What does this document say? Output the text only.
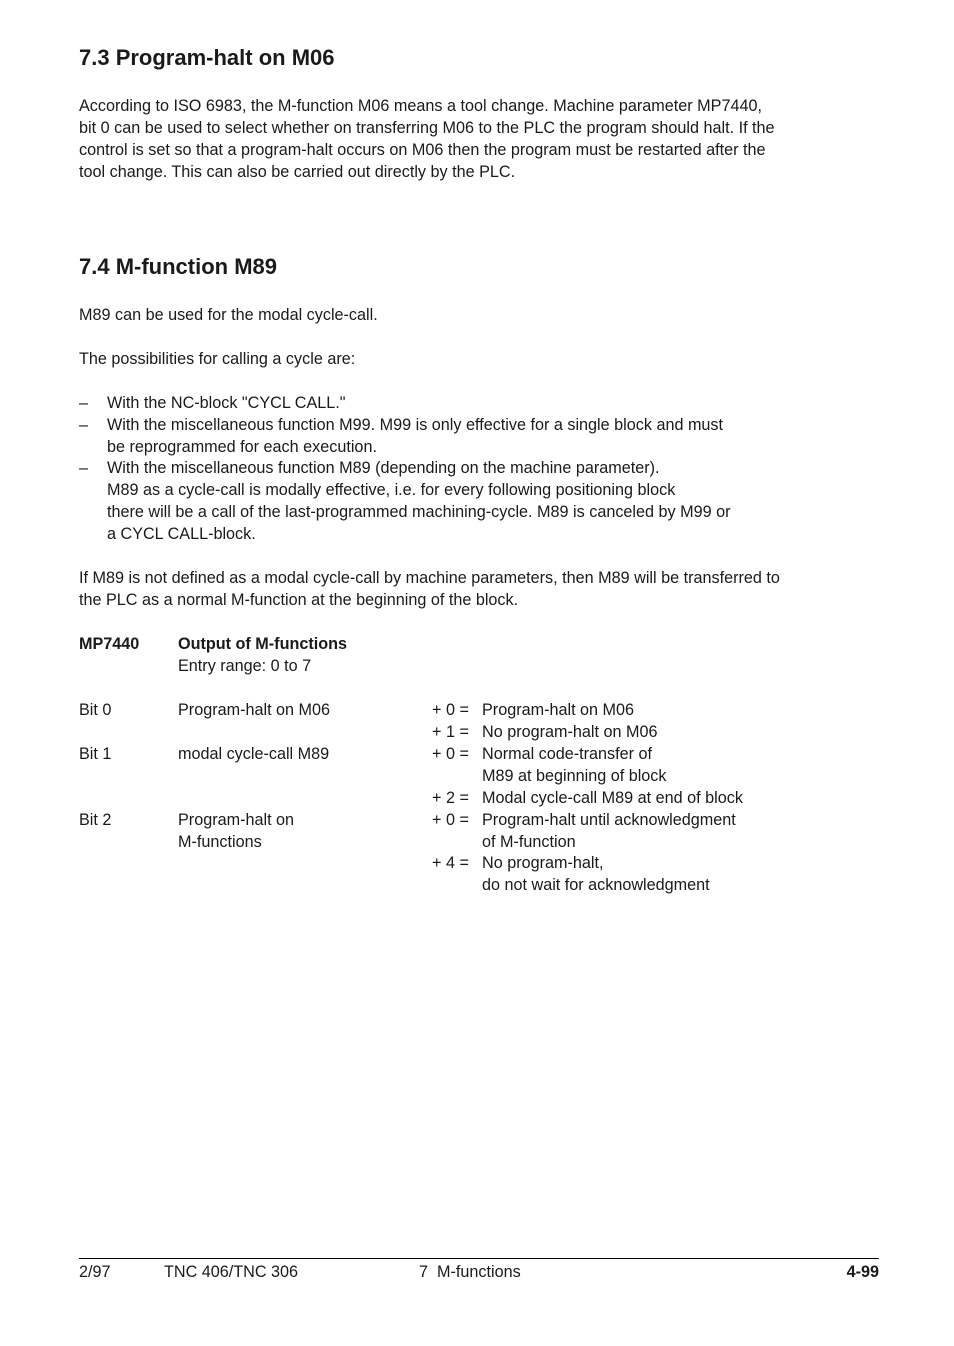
7.3 Program-halt on M06
According to ISO 6983, the M-function M06 means a tool change. Machine parameter MP7440,
bit 0 can be used to select whether on transferring M06 to the PLC the program should halt. If the
control is set so that a program-halt occurs on M06 then the program must be restarted after the
tool change. This can also be carried out directly by the PLC.
7.4 M-function M89
M89 can be used for the modal cycle-call.
The possibilities for calling a cycle are:
– With the NC-block "CYCL CALL."
– With the miscellaneous function M99. M99 is only effective for a single block and must
be reprogrammed for each execution.
– With the miscellaneous function M89 (depending on the machine parameter).
M89 as a cycle-call is modally effective, i.e. for every following positioning block
there will be a call of the last-programmed machining-cycle. M89 is canceled by M99 or
a CYCL CALL-block.
If M89 is not defined as a modal cycle-call by machine parameters, then M89 will be transferred to
the PLC as a normal M-function at the beginning of the block.
MP7440 Output of M-functions
Entry range: 0 to 7
Bit 0	Program-halt on M06	+ 0 = Program-halt on M06
+ 1 = No program-halt on M06
Bit 1	modal cycle-call M89	+ 0 = Normal code-transfer of
M89 at beginning of block
+ 2 = Modal cycle-call M89 at end of block
Bit 2	Program-halt on
M-functions
+ 0 = Program-halt until acknowledgment
of M-function
+ 4 = No program-halt,
do not wait for acknowledgment
2/97	TNC 406/TNC 306	7  M-functions	4-99
